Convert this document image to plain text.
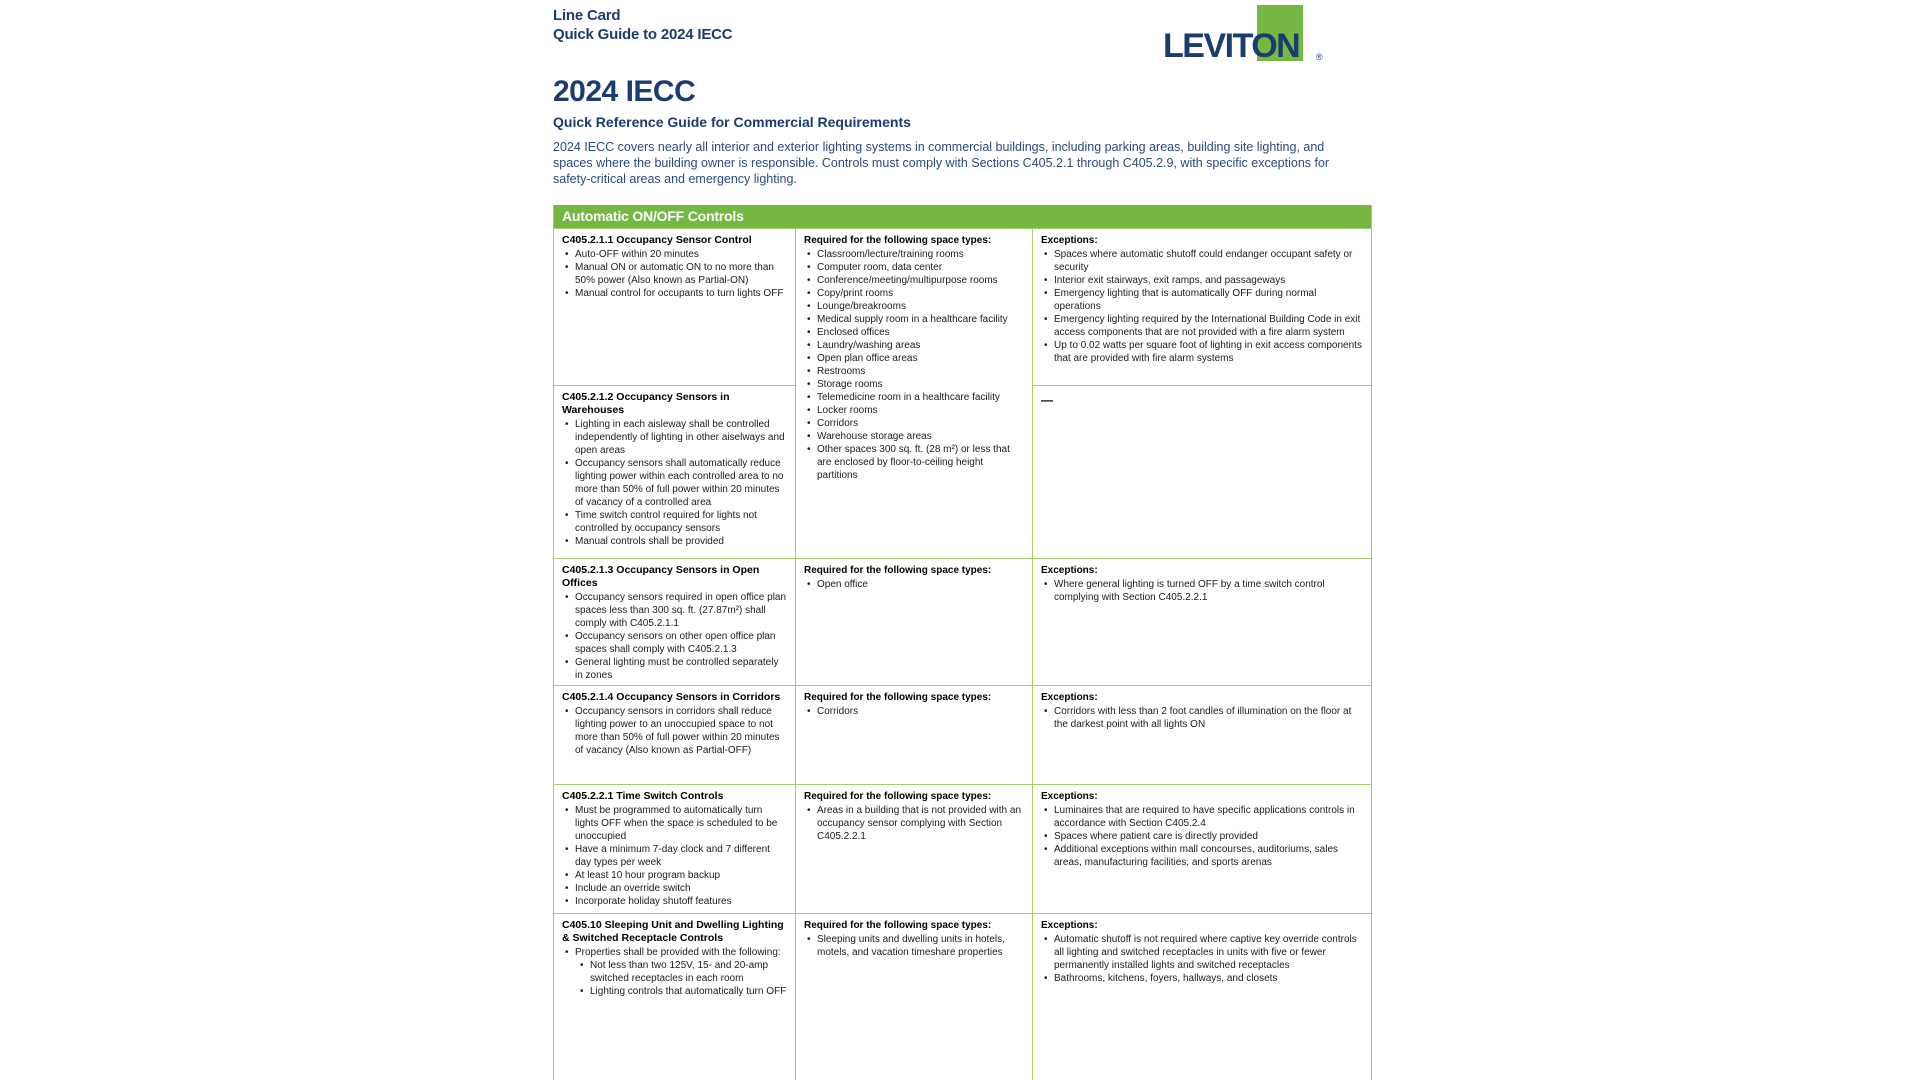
Line Card
Quick Guide to 2024 IECC	LEVITON ®
2024 IECC
Quick Reference Guide for Commercial Requirements

2024 IECC covers nearly all interior and exterior lighting systems in commercial buildings, including parking areas, building site lighting, and spaces where the building owner is responsible. Controls must comply with Sections C405.2.1 through C405.2.9, with specific exceptions for safety-critical areas and emergency lighting.

Automatic ON/OFF Controls
C405.2.1.1 Occupancy Sensor Control
• Auto-OFF within 20 minutes
• Manual ON or automatic ON to no more than 50% power (Also known as Partial-ON)
• Manual control for occupants to turn lights OFF
Required for the following space types:
• Classroom/lecture/training rooms
• Computer room, data center
• Conference/meeting/multipurpose rooms
• Copy/print rooms
• Lounge/breakrooms
• Medical supply room in a healthcare facility
• Enclosed offices
• Laundry/washing areas
• Open plan office areas
• Restrooms
• Storage rooms
• Telemedicine room in a healthcare facility
• Locker rooms
• Corridors
• Warehouse storage areas
• Other spaces 300 sq. ft. (28 m²) or less that are enclosed by floor-to-ceiling height partitions
Exceptions:
• Spaces where automatic shutoff could endanger occupant safety or security
• Interior exit stairways, exit ramps, and passageways
• Emergency lighting that is automatically OFF during normal operations
• Emergency lighting required by the International Building Code in exit access components that are not provided with a fire alarm system
• Up to 0.02 watts per square foot of lighting in exit access components that are provided with fire alarm systems
C405.2.1.2 Occupancy Sensors in Warehouses
• Lighting in each aisleway shall be controlled independently of lighting in other aiselways and open areas
• Occupancy sensors shall automatically reduce lighting power within each controlled area to no more than 50% of full power within 20 minutes of vacancy of a controlled area
• Time switch control required for lights not controlled by occupancy sensors
• Manual controls shall be provided
—
C405.2.1.3 Occupancy Sensors in Open Offices
• Occupancy sensors required in open office plan spaces less than 300 sq. ft. (27.87m²) shall comply with C405.2.1.1
• Occupancy sensors on other open office plan spaces shall comply with C405.2.1.3
• General lighting must be controlled separately in zones
Required for the following space types:
• Open office
Exceptions:
• Where general lighting is turned OFF by a time switch control complying with Section C405.2.2.1
C405.2.1.4 Occupancy Sensors in Corridors
• Occupancy sensors in corridors shall reduce lighting power to an unoccupied space to not more than 50% of full power within 20 minutes of vacancy (Also known as Partial-OFF)
Required for the following space types:
• Corridors
Exceptions:
• Corridors with less than 2 foot candles of illumination on the floor at the darkest point with all lights ON
C405.2.2.1 Time Switch Controls
• Must be programmed to automatically turn lights OFF when the space is scheduled to be unoccupied
• Have a minimum 7-day clock and 7 different day types per week
• At least 10 hour program backup
• Include an override switch
• Incorporate holiday shutoff features
Required for the following space types:
• Areas in a building that is not provided with an occupancy sensor complying with Section C405.2.2.1
Exceptions:
• Luminaires that are required to have specific applications controls in accordance with Section C405.2.4
• Spaces where patient care is directly provided
• Additional exceptions within mall concourses, auditoriums, sales areas, manufacturing facilities, and sports arenas
C405.10 Sleeping Unit and Dwelling Lighting & Switched Receptacle Controls
• Properties shall be provided with the following:
• Not less than two 125V, 15- and 20-amp switched receptacles in each room
• Lighting controls that automatically turn OFF
Required for the following space types:
• Sleeping units and dwelling units in hotels, motels, and vacation timeshare properties
Exceptions:
• Automatic shutoff is not required where captive key override controls all lighting and switched receptacles in units with five or fewer permanently installed lights and switched receptacles
• Bathrooms, kitchens, foyers, hallways, and closets
